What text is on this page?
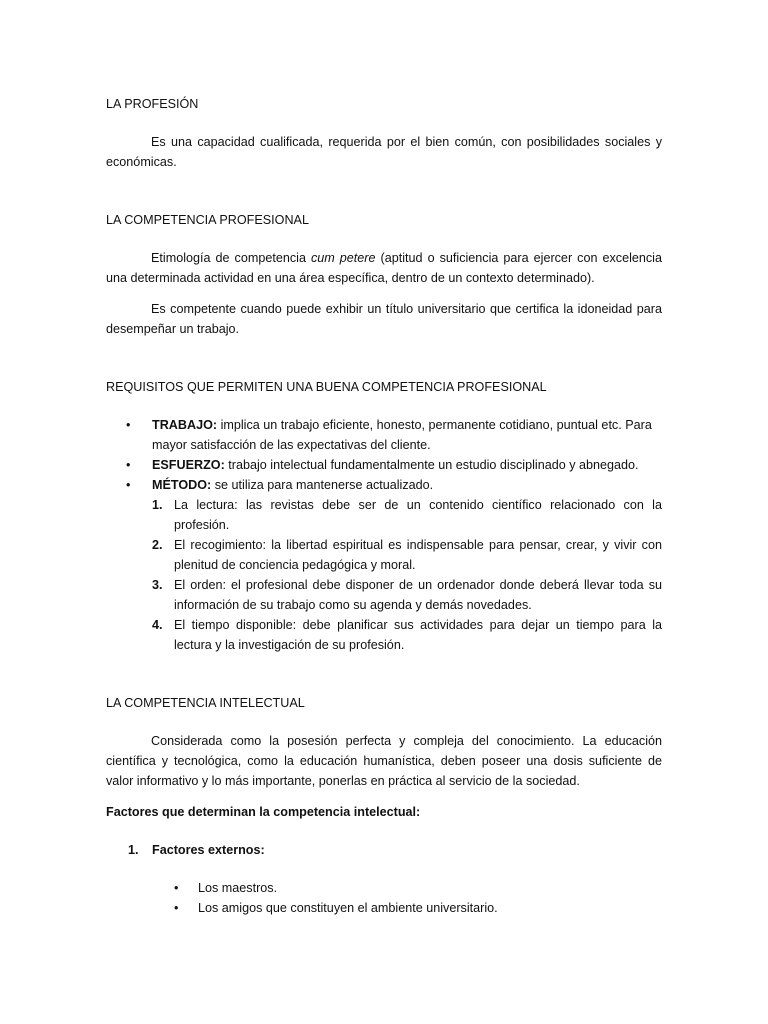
LA PROFESIÓN

Es una capacidad cualificada, requerida por el bien común, con posibilidades sociales y económicas.

LA COMPETENCIA PROFESIONAL

Etimología de competencia cum petere (aptitud o suficiencia para ejercer con excelencia una determinada actividad en una área específica, dentro de un contexto determinado).

Es competente cuando puede exhibir un título universitario que certifica la idoneidad para desempeñar un trabajo.

REQUISITOS QUE PERMITEN UNA BUENA COMPETENCIA PROFESIONAL

• TRABAJO: implica un trabajo eficiente, honesto, permanente cotidiano, puntual etc. Para mayor satisfacción de las expectativas del cliente.
• ESFUERZO: trabajo intelectual fundamentalmente un estudio disciplinado y abnegado.
• MÉTODO: se utiliza para mantenerse actualizado.
1. La lectura: las revistas debe ser de un contenido científico relacionado con la profesión.
2. El recogimiento: la libertad espiritual es indispensable para pensar, crear, y vivir con plenitud de conciencia pedagógica y moral.
3. El orden: el profesional debe disponer de un ordenador donde deberá llevar toda su información de su trabajo como su agenda y demás novedades.
4. El tiempo disponible: debe planificar sus actividades para dejar un tiempo para la lectura y la investigación de su profesión.

LA COMPETENCIA INTELECTUAL

Considerada como la posesión perfecta y compleja del conocimiento. La educación científica y tecnológica, como la educación humanística, deben poseer una dosis suficiente de valor informativo y lo más importante, ponerlas en práctica al servicio de la sociedad.

Factores que determinan la competencia intelectual:

1. Factores externos:
• Los maestros.
• Los amigos que constituyen el ambiente universitario.
